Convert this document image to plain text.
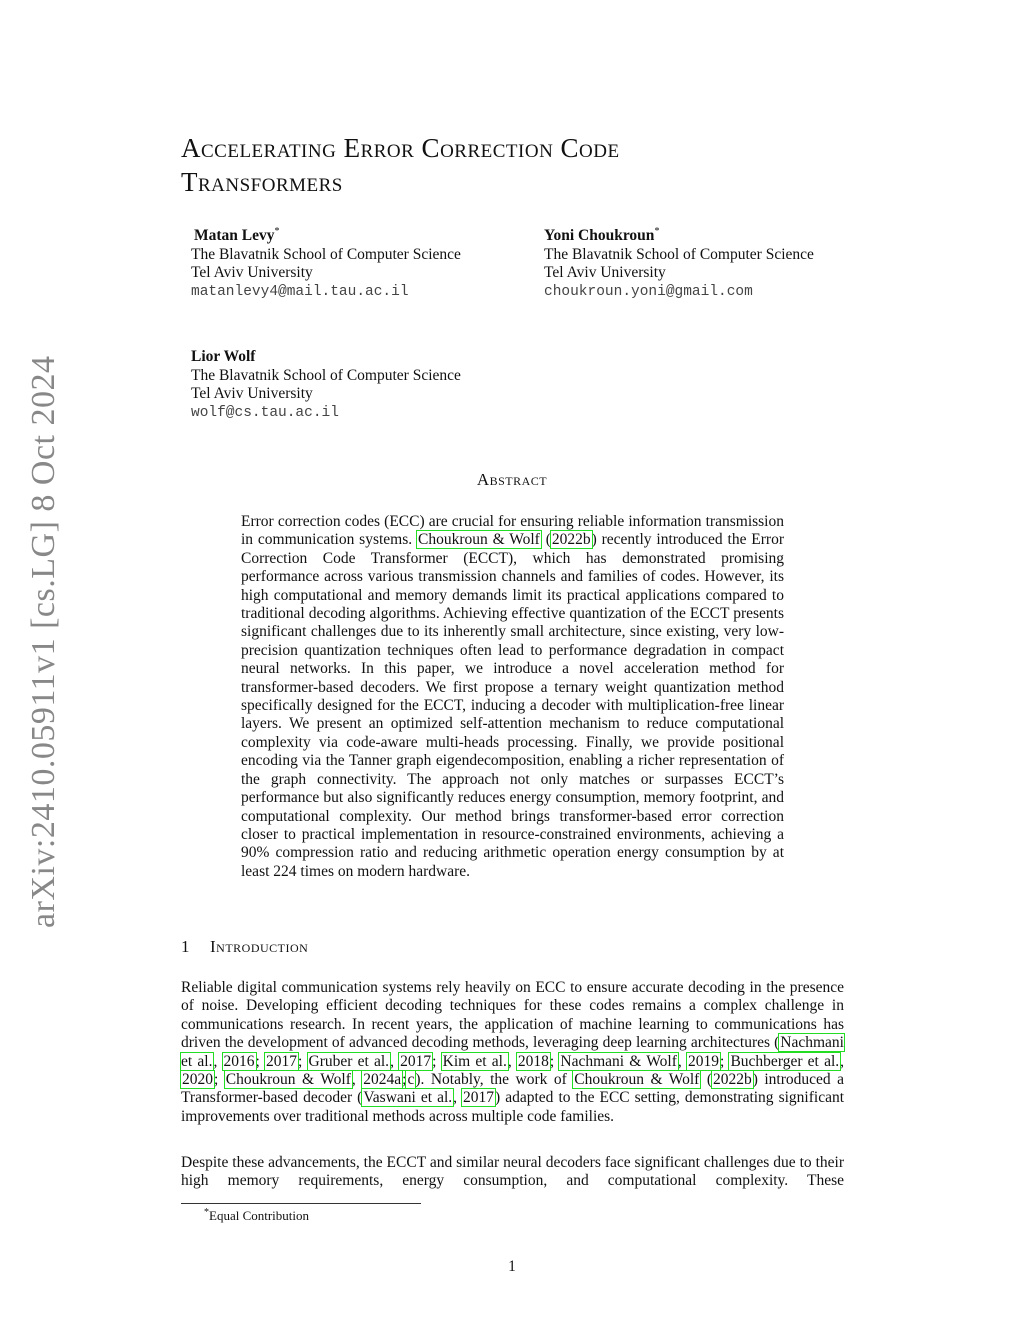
arXiv:2410.05911v1 [cs.LG] 8 Oct 2024
Accelerating Error Correction Code
Transformers
Matan Levy*
The Blavatnik School of Computer Science
Tel Aviv University
matanlevy4@mail.tau.ac.il
Yoni Choukroun*
The Blavatnik School of Computer Science
Tel Aviv University
choukroun.yoni@gmail.com
Lior Wolf
The Blavatnik School of Computer Science
Tel Aviv University
wolf@cs.tau.ac.il
Abstract
Error correction codes (ECC) are crucial for ensuring reliable information transmission in communication systems. Choukroun & Wolf (2022b) recently introduced the Error Correction Code Transformer (ECCT), which has demonstrated promising performance across various transmission channels and families of codes. However, its high computational and memory demands limit its practical applications compared to traditional decoding algorithms. Achieving effective quantization of the ECCT presents significant challenges due to its inherently small architecture, since existing, very low-precision quantization techniques often lead to performance degradation in compact neural networks. In this paper, we introduce a novel acceleration method for transformer-based decoders. We first propose a ternary weight quantization method specifically designed for the ECCT, inducing a decoder with multiplication-free linear layers. We present an optimized self-attention mechanism to reduce computational complexity via code-aware multi-heads processing. Finally, we provide positional encoding via the Tanner graph eigendecomposition, enabling a richer representation of the graph connectivity. The approach not only matches or surpasses ECCT’s performance but also significantly reduces energy consumption, memory footprint, and computational complexity. Our method brings transformer-based error correction closer to practical implementation in resource-constrained environments, achieving a 90% compression ratio and reducing arithmetic operation energy consumption by at least 224 times on modern hardware.
1 Introduction
Reliable digital communication systems rely heavily on ECC to ensure accurate decoding in the presence of noise. Developing efficient decoding techniques for these codes remains a complex challenge in communications research. In recent years, the application of machine learning to communications has driven the development of advanced decoding methods, leveraging deep learning architectures (Nachmani et al., 2016; 2017; Gruber et al., 2017; Kim et al., 2018; Nachmani & Wolf, 2019; Buchberger et al., 2020; Choukroun & Wolf, 2024a;c). Notably, the work of Choukroun & Wolf (2022b) introduced a Transformer-based decoder (Vaswani et al., 2017) adapted to the ECC setting, demonstrating significant improvements over traditional methods across multiple code families.
Despite these advancements, the ECCT and similar neural decoders face significant challenges due to their high memory requirements, energy consumption, and computational complexity. These
*Equal Contribution
1
